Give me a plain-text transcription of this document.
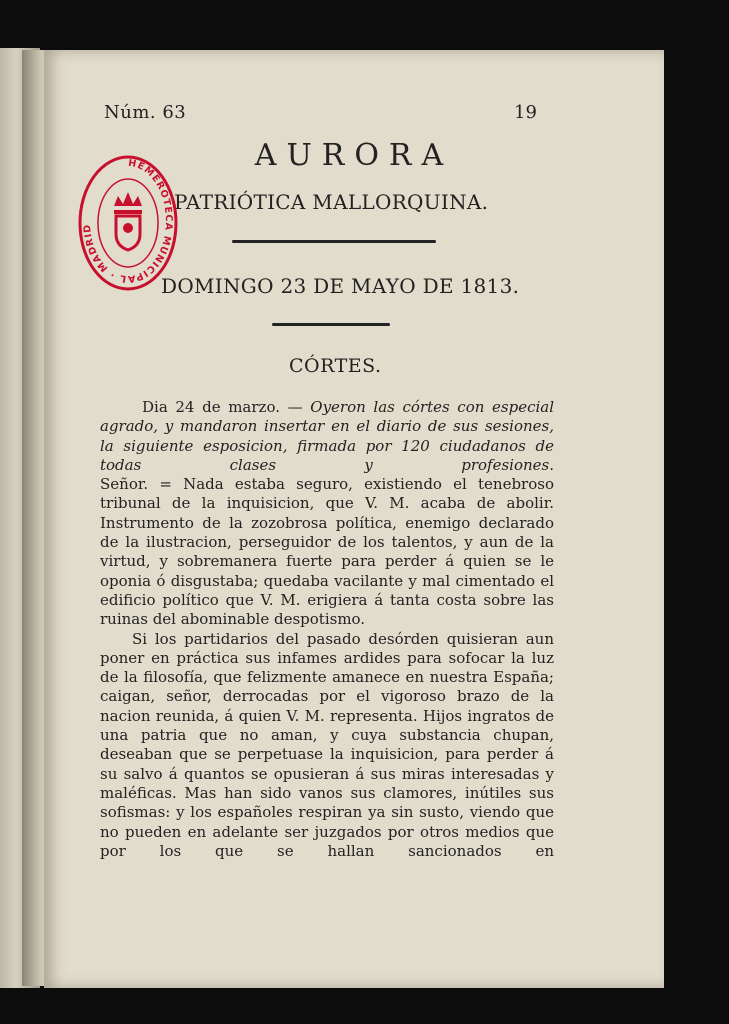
Núm. 63	19
AURORA
PATRIÓTICA MALLORQUINA.
DOMINGO 23 DE MAYO DE 1813.
CÓRTES.

Dia 24 de marzo. — Oyeron las córtes con especial agrado, y mandaron insertar en el diario de sus sesiones, la siguiente esposicion, firmada por 120 ciudadanos de todas clases y profesiones.

Señor. = Nada estaba seguro, existiendo el tenebroso tribunal de la inquisicion, que V. M. acaba de abolir. Instrumento de la zozobrosa política, enemigo declarado de la ilustracion, perseguidor de los talentos, y aun de la virtud, y sobremanera fuerte para perder á quien se le oponia ó disgustaba; quedaba vacilante y mal cimentado el edificio político que V. M. erigiera á tanta costa sobre las ruinas del abominable despotismo.

Si los partidarios del pasado desórden quisieran aun poner en práctica sus infames ardides para sofocar la luz de la filosofía, que felizmente amanece en nuestra España; caigan, señor, derrocadas por el vigoroso brazo de la nacion reunida, á quien V. M. representa. Hijos ingratos de una patria que no aman, y cuya substancia chupan, deseaban que se perpetuase la inquisicion, para perder á su salvo á quantos se opusieran á sus miras interesadas y maléficas. Mas han sido vanos sus clamores, inútiles sus sofismas: y los españoles respiran ya sin susto, viendo que no pueden en adelante ser juzgados por otros medios que por los que se hallan sancionados en

HEMEROTECA MUNICIPAL · MADRID
